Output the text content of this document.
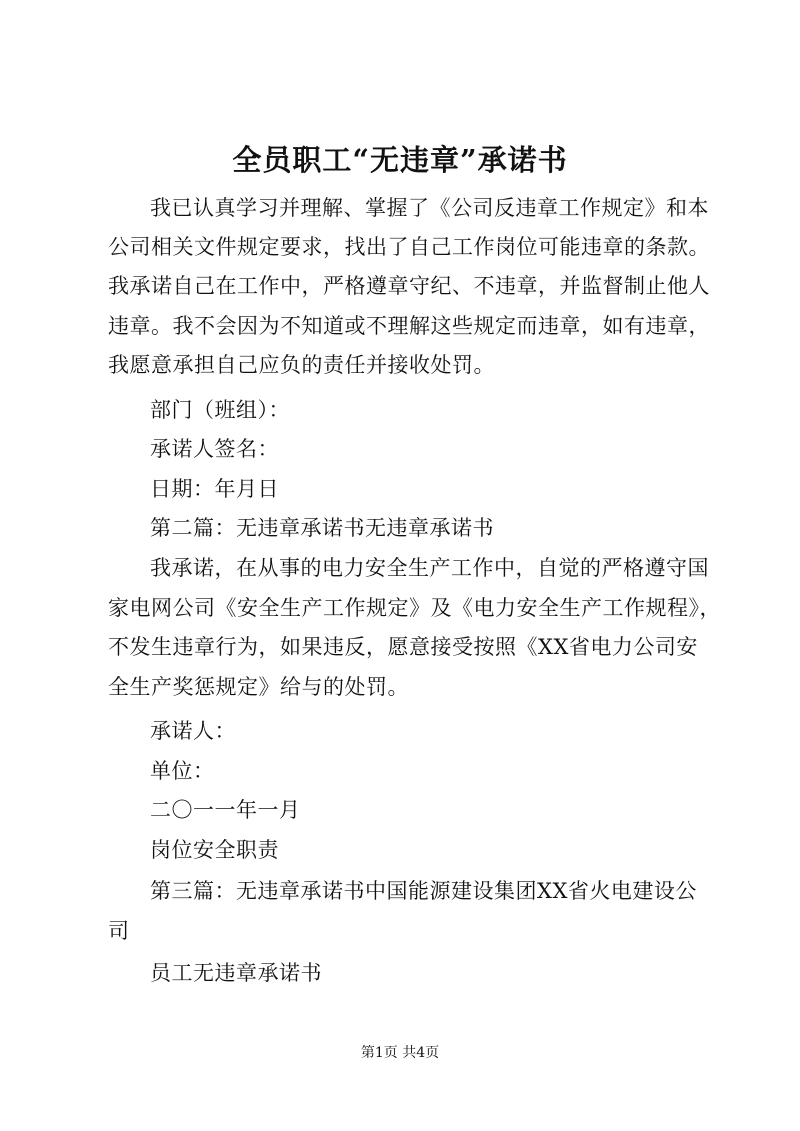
全员职工“无违章”承诺书
我已认真学习并理解、掌握了《公司反违章工作规定》和本
公司相关文件规定要求，找出了自己工作岗位可能违章的条款。
我承诺自己在工作中，严格遵章守纪、不违章，并监督制止他人
违章。我不会因为不知道或不理解这些规定而违章，如有违章，
我愿意承担自己应负的责任并接收处罚。
部门（班组）：
承诺人签名：
日期：年月日
第二篇：无违章承诺书无违章承诺书
我承诺，在从事的电力安全生产工作中，自觉的严格遵守国
家电网公司《安全生产工作规定》及《电力安全生产工作规程》，
不发生违章行为，如果违反，愿意接受按照《XX省电力公司安
全生产奖惩规定》给与的处罚。
承诺人：
单位：
二〇一一年一月
岗位安全职责
第三篇：无违章承诺书中国能源建设集团XX省火电建设公
司
员工无违章承诺书
第1页 共4页
